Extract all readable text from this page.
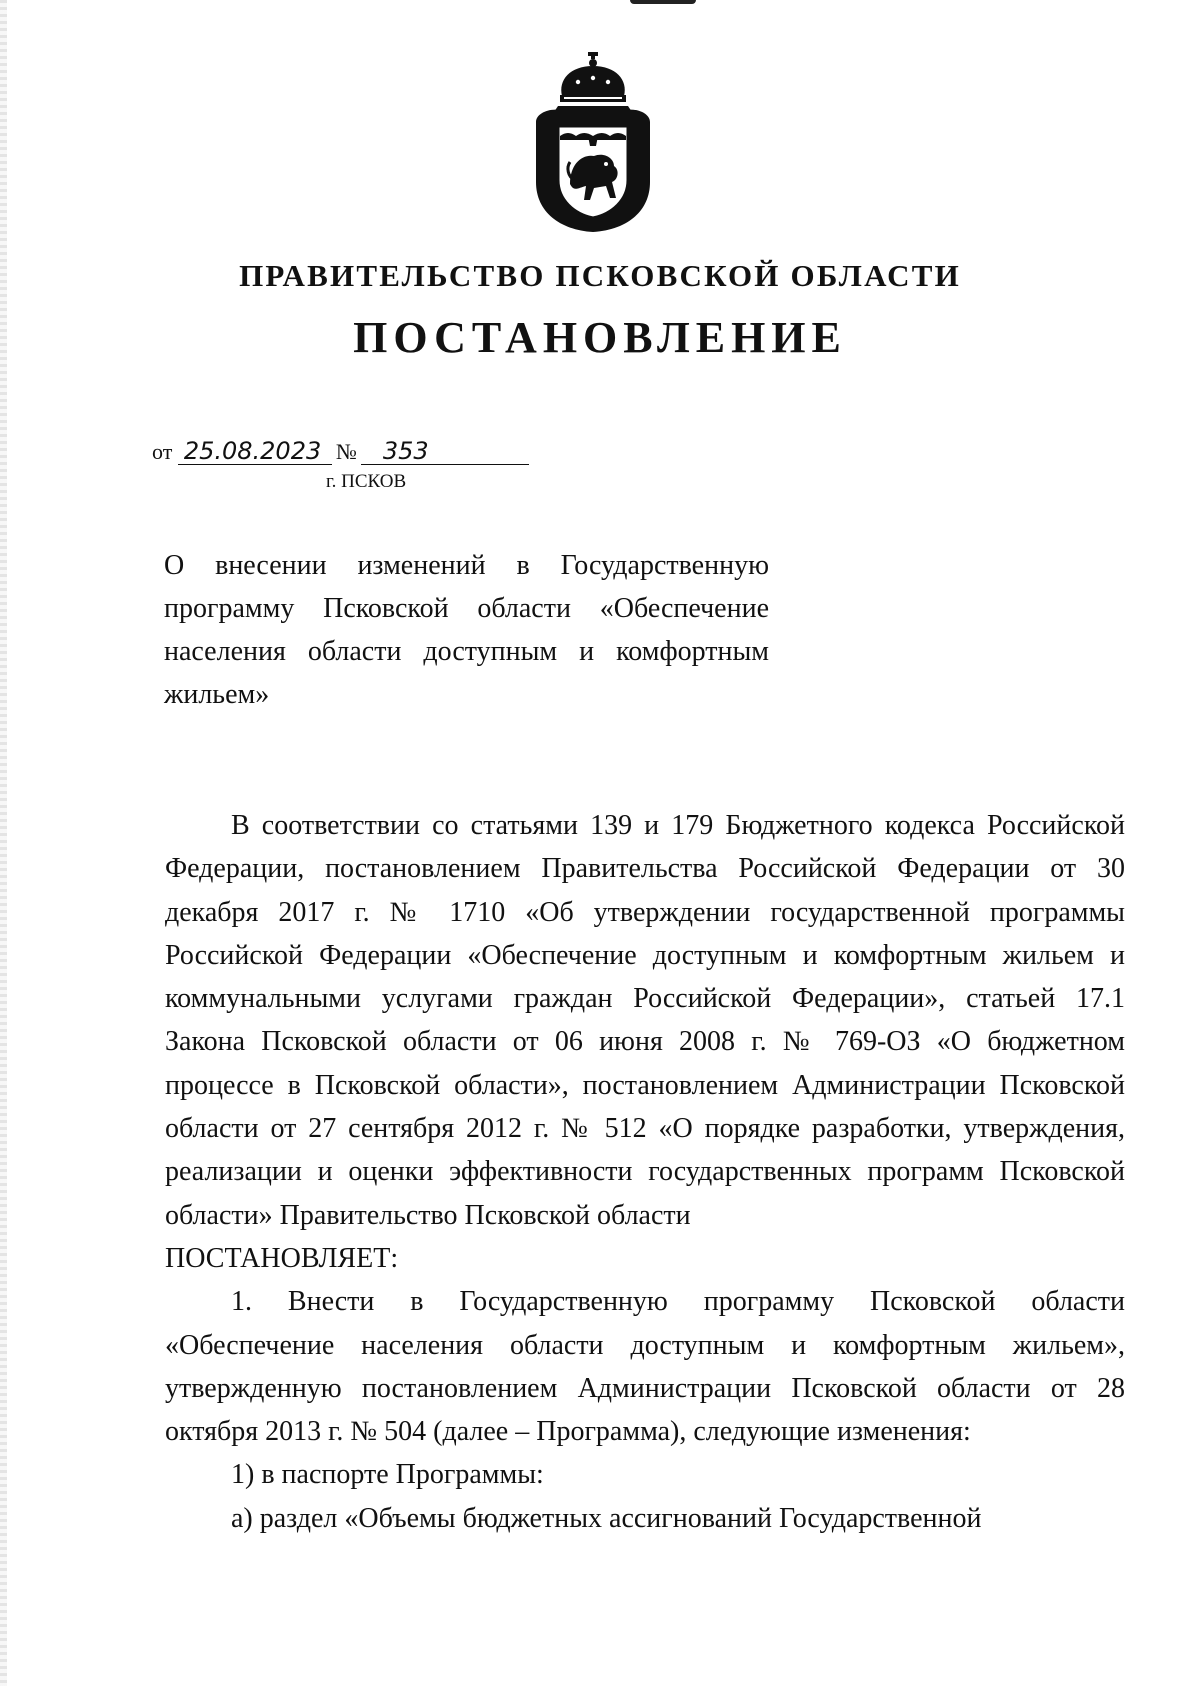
ПРАВИТЕЛЬСТВО ПСКОВСКОЙ ОБЛАСТИ
ПОСТАНОВЛЕНИЕ
от 25.08.2023 № 353
г. ПСКОВ
О внесении изменений в Государственную программу Псковской области «Обеспечение населения области доступным и комфортным жильем»

В соответствии со статьями 139 и 179 Бюджетного кодекса Российской Федерации, постановлением Правительства Российской Федерации от 30 декабря 2017 г. № 1710 «Об утверждении государственной программы Российской Федерации «Обеспечение доступным и комфортным жильем и коммунальными услугами граждан Российской Федерации», статьей 17.1 Закона Псковской области от 06 июня 2008 г. № 769-ОЗ «О бюджетном процессе в Псковской области», постановлением Администрации Псковской области от 27 сентября 2012 г. № 512 «О порядке разработки, утверждения, реализации и оценки эффективности государственных программ Псковской области» Правительство Псковской области

ПОСТАНОВЛЯЕТ:

1. Внести в Государственную программу Псковской области «Обеспечение населения области доступным и комфортным жильем», утвержденную постановлением Администрации Псковской области от 28 октября 2013 г. № 504 (далее – Программа), следующие изменения:

1) в паспорте Программы:

а) раздел «Объемы бюджетных ассигнований Государственной
